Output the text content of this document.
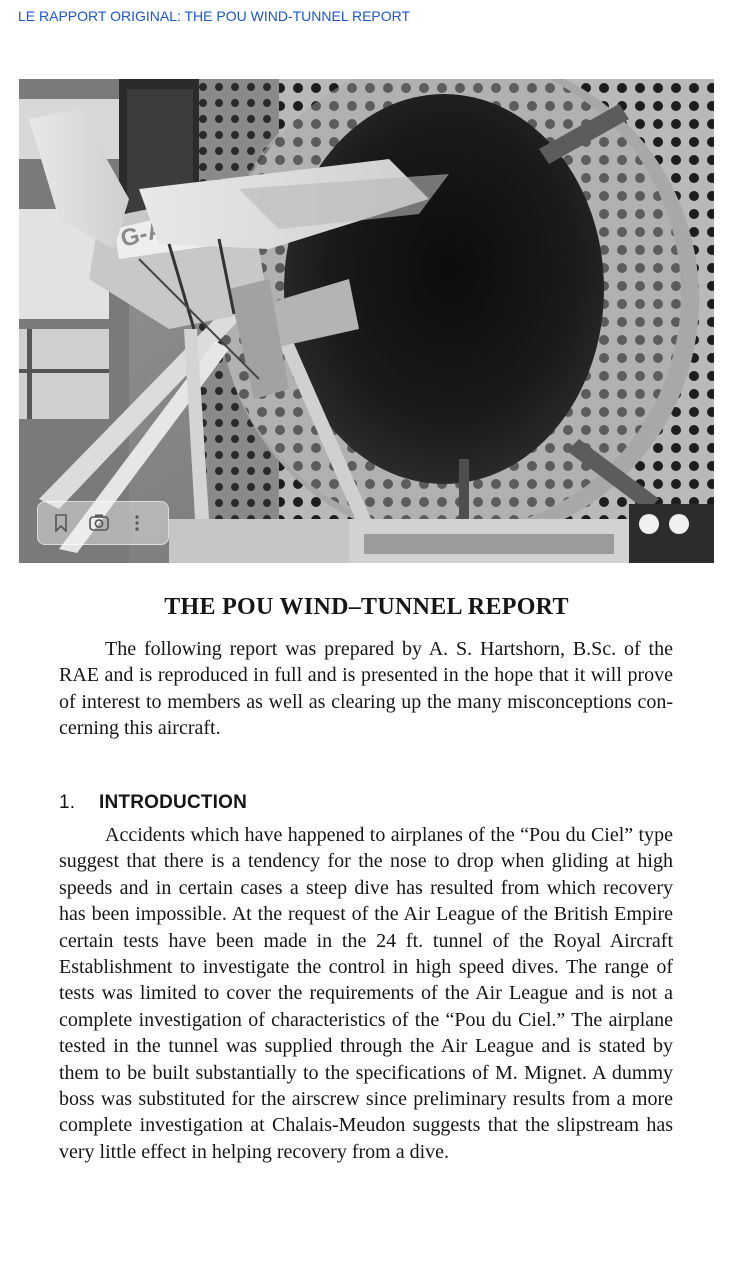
LE RAPPORT ORIGINAL: THE POU WIND-TUNNEL REPORT
THE POU WIND–TUNNEL REPORT

The following report was prepared by A. S. Hartshorn, B.Sc. of the RAE and is reproduced in full and is presented in the hope that it will prove of interest to members as well as clearing up the many misconceptions concerning this aircraft.

1. INTRODUCTION

Accidents which have happened to airplanes of the “Pou du Ciel” type suggest that there is a tendency for the nose to drop when gliding at high speeds and in certain cases a steep dive has resulted from which recovery has been impossible. At the request of the Air League of the British Empire certain tests have been made in the 24 ft. tunnel of the Royal Aircraft Establishment to investigate the control in high speed dives. The range of tests was limited to cover the requirements of the Air League and is not a complete investigation of characteristics of the “Pou du Ciel.” The airplane tested in the tunnel was supplied through the Air League and is stated by them to be built substantially to the specifications of M. Mignet. A dummy boss was substituted for the airscrew since preliminary results from a more complete investigation at Chalais-Meudon suggests that the slipstream has very little effect in helping recovery from a dive.
